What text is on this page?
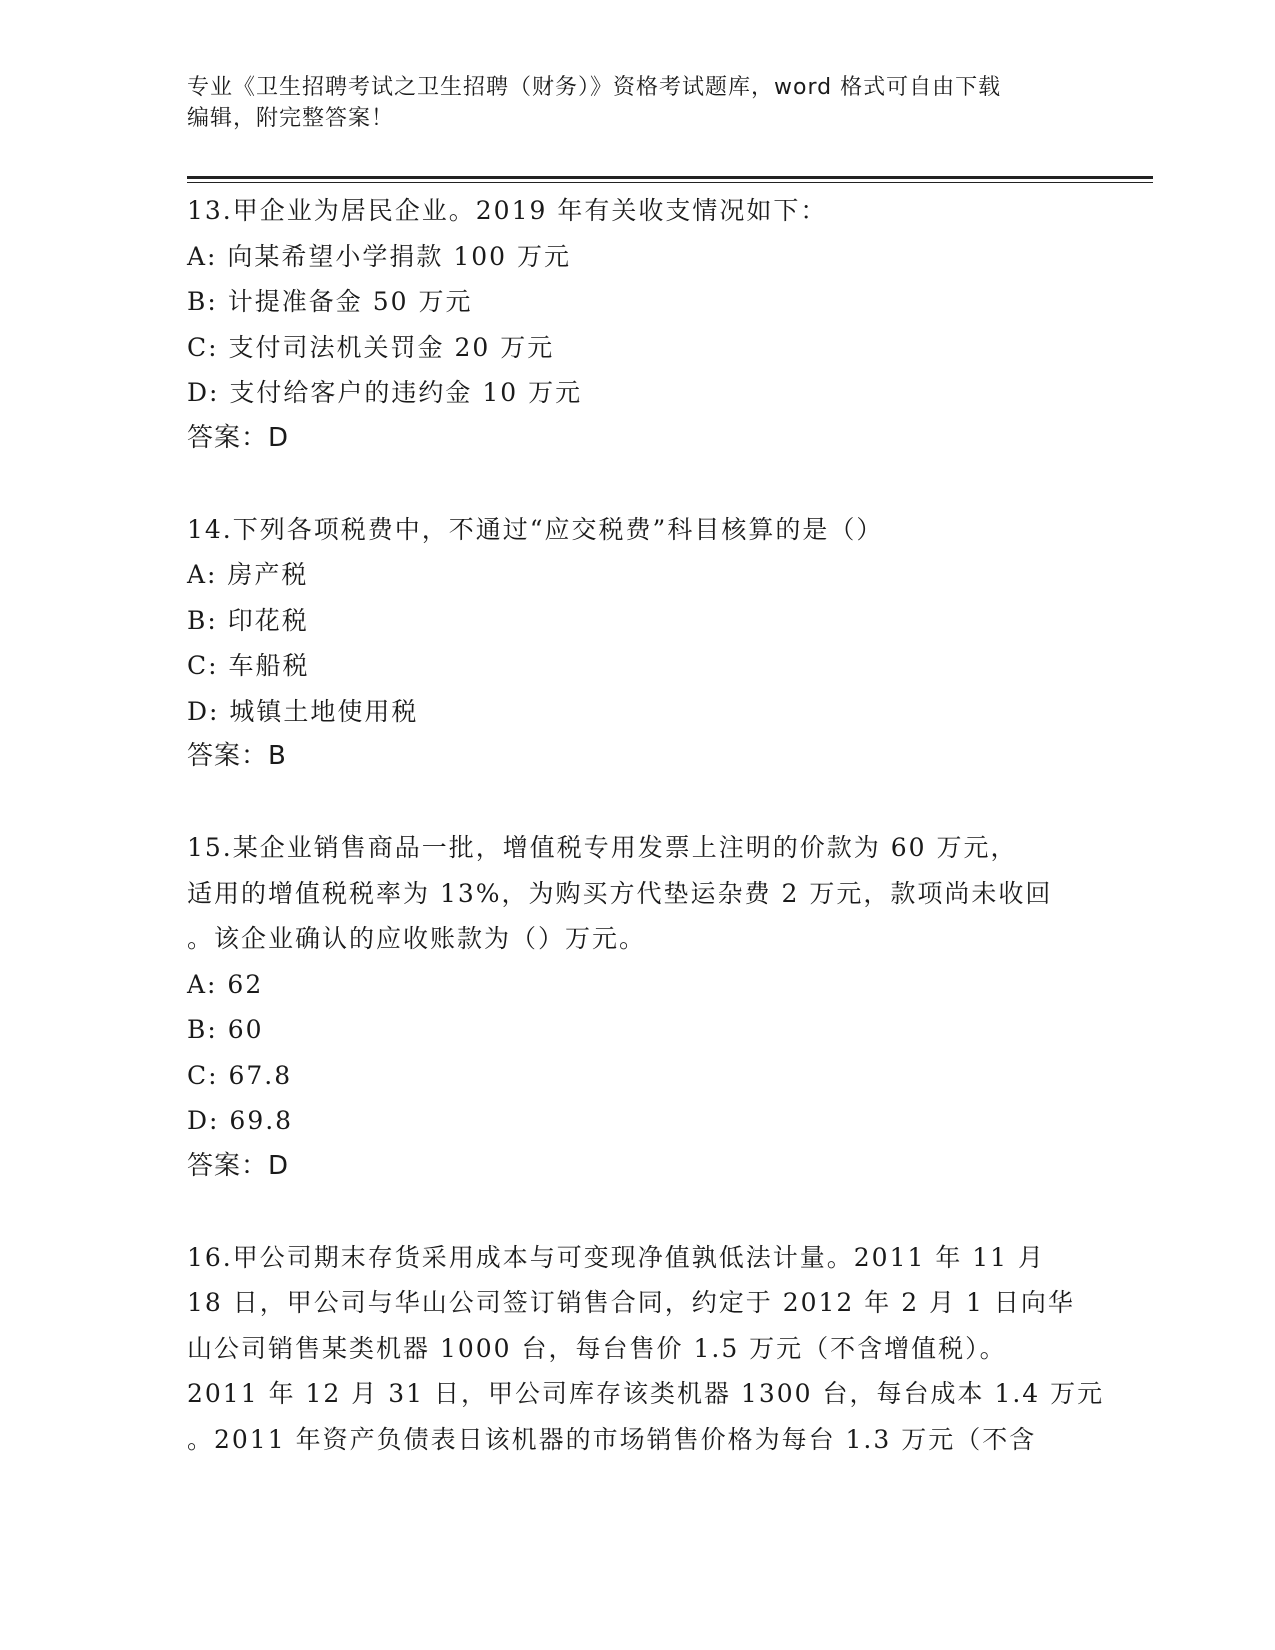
专业《卫生招聘考试之卫生招聘（财务）》资格考试题库，word 格式可自由下载
编辑，附完整答案！
13.甲企业为居民企业。2019 年有关收支情况如下：
A: 向某希望小学捐款 100 万元
B: 计提准备金 50 万元
C: 支付司法机关罚金 20 万元
D: 支付给客户的违约金 10 万元
答案：D
14.下列各项税费中，不通过“应交税费”科目核算的是（）
A: 房产税
B: 印花税
C: 车船税
D: 城镇土地使用税
答案：B
15.某企业销售商品一批，增值税专用发票上注明的价款为 60 万元，
适用的增值税税率为 13%，为购买方代垫运杂费 2 万元，款项尚未收回
。该企业确认的应收账款为（）万元。
A: 62
B: 60
C: 67.8
D: 69.8
答案：D
16.甲公司期末存货采用成本与可变现净值孰低法计量。2011 年 11 月
18 日，甲公司与华山公司签订销售合同，约定于 2012 年 2 月 1 日向华
山公司销售某类机器 1000 台，每台售价 1.5 万元（不含增值税）。
2011 年 12 月 31 日，甲公司库存该类机器 1300 台，每台成本 1.4 万元
。2011 年资产负债表日该机器的市场销售价格为每台 1.3 万元（不含
